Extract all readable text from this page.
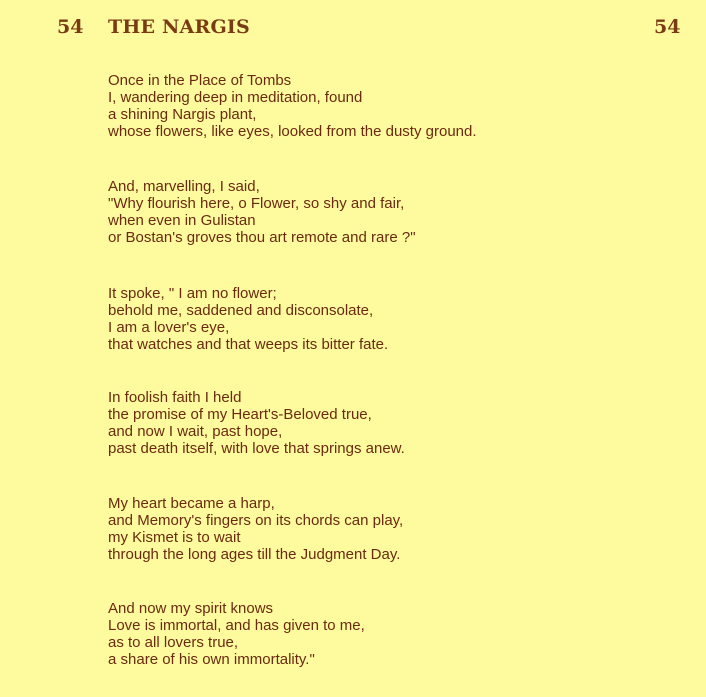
54 THE NARGIS	54
Once in the Place of Tombs
I, wandering deep in meditation, found
a shining Nargis plant,
whose flowers, like eyes, looked from the dusty ground.
And, marvelling, I said,
"Why flourish here, o Flower, so shy and fair,
when even in Gulistan
or Bostan's groves thou art remote and rare ?"
It spoke, " I am no flower;
behold me, saddened and disconsolate,
I am a lover's eye,
that watches and that weeps its bitter fate.
In foolish faith I held
the promise of my Heart's-Beloved true,
and now I wait, past hope,
past death itself, with love that springs anew.
My heart became a harp,
and Memory's fingers on its chords can play,
my Kismet is to wait
through the long ages till the Judgment Day.
And now my spirit knows
Love is immortal, and has given to me,
as to all lovers true,
a share of his own immortality."
